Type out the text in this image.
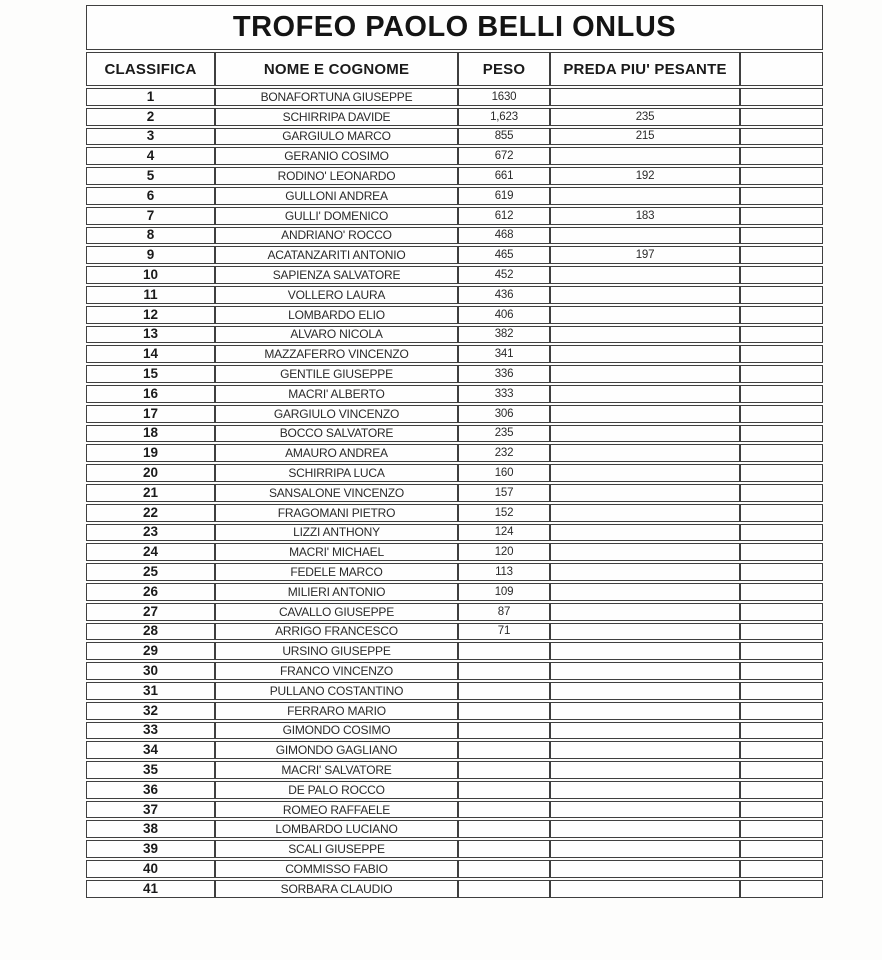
TROFEO PAOLO BELLI ONLUS				
CLASSIFICA	NOME E COGNOME	PESO	PREDA PIU' PESANTE	
1	BONAFORTUNA GIUSEPPE	1630		
2	SCHIRRIPA DAVIDE	1,623	235	
3	GARGIULO MARCO	855	215	
4	GERANIO COSIMO	672		
5	RODINO' LEONARDO	661	192	
6	GULLONI ANDREA	619		
7	GULLI' DOMENICO	612	183	
8	ANDRIANO' ROCCO	468		
9	ACATANZARITI ANTONIO	465	197	
10	SAPIENZA SALVATORE	452		
11	VOLLERO LAURA	436		
12	LOMBARDO ELIO	406		
13	ALVARO NICOLA	382		
14	MAZZAFERRO VINCENZO	341		
15	GENTILE GIUSEPPE	336		
16	MACRI' ALBERTO	333		
17	GARGIULO VINCENZO	306		
18	BOCCO SALVATORE	235		
19	AMAURO ANDREA	232		
20	SCHIRRIPA LUCA	160		
21	SANSALONE VINCENZO	157		
22	FRAGOMANI PIETRO	152		
23	LIZZI ANTHONY	124		
24	MACRI' MICHAEL	120		
25	FEDELE MARCO	113		
26	MILIERI ANTONIO	109		
27	CAVALLO GIUSEPPE	87		
28	ARRIGO FRANCESCO	71		
29	URSINO GIUSEPPE			
30	FRANCO VINCENZO			
31	PULLANO COSTANTINO			
32	FERRARO MARIO			
33	GIMONDO COSIMO			
34	GIMONDO GAGLIANO			
35	MACRI' SALVATORE			
36	DE PALO ROCCO			
37	ROMEO RAFFAELE			
38	LOMBARDO LUCIANO			
39	SCALI GIUSEPPE			
40	COMMISSO FABIO			
41	SORBARA CLAUDIO			
